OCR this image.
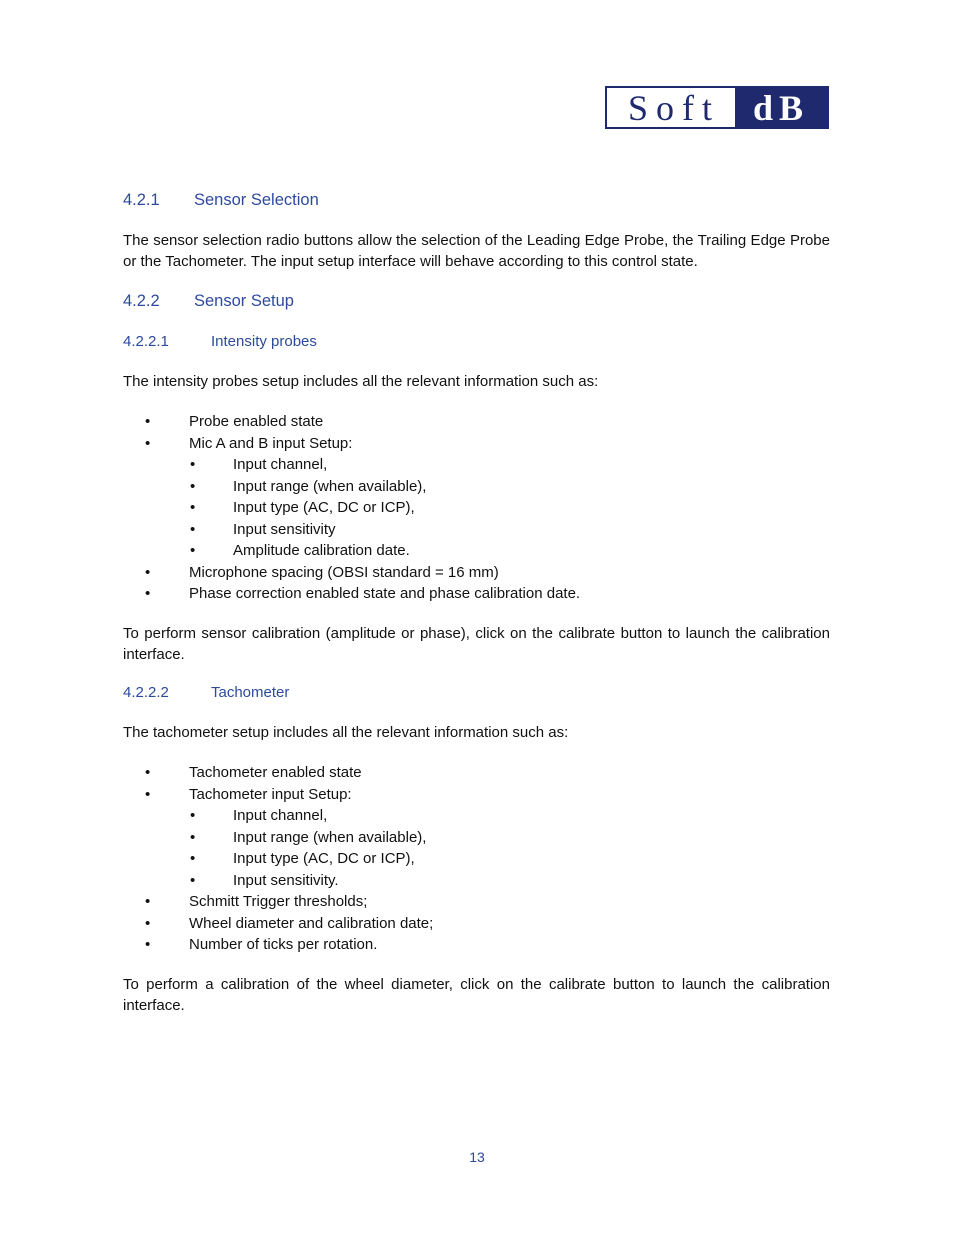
Soft dB
4.2.1 Sensor Selection
The sensor selection radio buttons allow the selection of the Leading Edge Probe, the Trailing Edge Probe or the Tachometer. The input setup interface will behave according to this control state.
4.2.2 Sensor Setup
4.2.2.1	Intensity probes
The intensity probes setup includes all the relevant information such as:
•	Probe enabled state
•	Mic A and B input Setup:
•	Input channel,
•	Input range (when available),
•	Input type (AC, DC or ICP),
•	Input sensitivity
•	Amplitude calibration date.
•	Microphone spacing (OBSI standard = 16 mm)
•	Phase correction enabled state and phase calibration date.
To perform sensor calibration (amplitude or phase), click on the calibrate button to launch the calibration interface.
4.2.2.2	Tachometer
The tachometer setup includes all the relevant information such as:
•	Tachometer enabled state
•	Tachometer input Setup:
•	Input channel,
•	Input range (when available),
•	Input type (AC, DC or ICP),
•	Input sensitivity.
•	Schmitt Trigger thresholds;
•	Wheel diameter and calibration date;
•	Number of ticks per rotation.
To perform a calibration of the wheel diameter, click on the calibrate button to launch the calibration interface.
13
